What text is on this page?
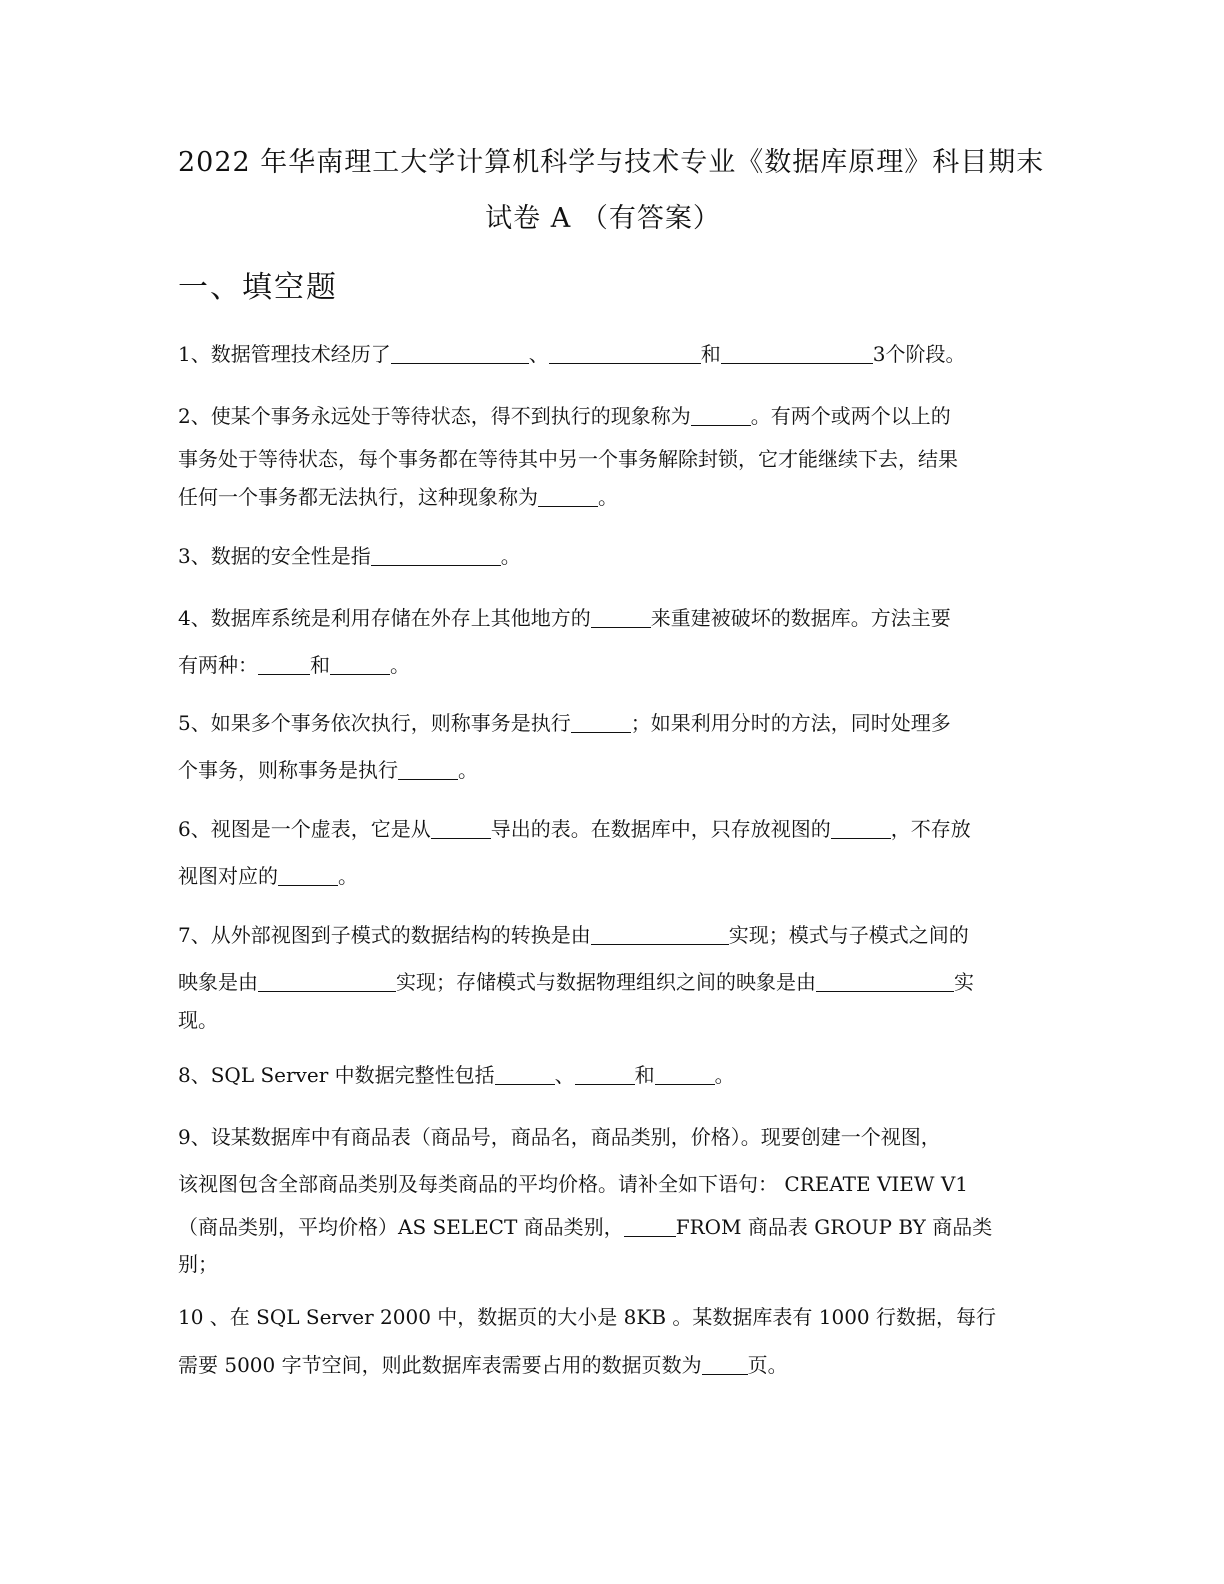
2022 年华南理工大学计算机科学与技术专业《数据库原理》科目期末
试卷 A （有答案）
一、填空题
1、数据管理技术经历了	、	和	3个阶段。
2、使某个事务永远处于等待状态，得不到执行的现象称为	。有两个或两个以上的
事务处于等待状态，每个事务都在等待其中另一个事务解除封锁，它才能继续下去，结果
任何一个事务都无法执行，这种现象称为	。
3、数据的安全性是指	。
4、数据库系统是利用存储在外存上其他地方的	来重建被破坏的数据库。方法主要
有两种：	和	。
5、如果多个事务依次执行，则称事务是执行	；如果利用分时的方法，同时处理多
个事务，则称事务是执行	。
6、视图是一个虚表，它是从	导出的表。在数据库中，只存放视图的	，不存放
视图对应的	。
7、从外部视图到子模式的数据结构的转换是由	实现；模式与子模式之间的
映象是由	实现；存储模式与数据物理组织之间的映象是由	实
现。
8、SQL Server 中数据完整性包括	、	和	。
9、设某数据库中有商品表（商品号，商品名，商品类别，价格）。现要创建一个视图，
该视图包含全部商品类别及每类商品的平均价格。请补全如下语句： CREATE VIEW V1
（商品类别，平均价格）AS SELECT 商品类别，	FROM 商品表 GROUP BY 商品类
别；
10 、在 SQL Server 2000 中，数据页的大小是 8KB 。某数据库表有 1000 行数据，每行
需要 5000 字节空间，则此数据库表需要占用的数据页数为 页。
